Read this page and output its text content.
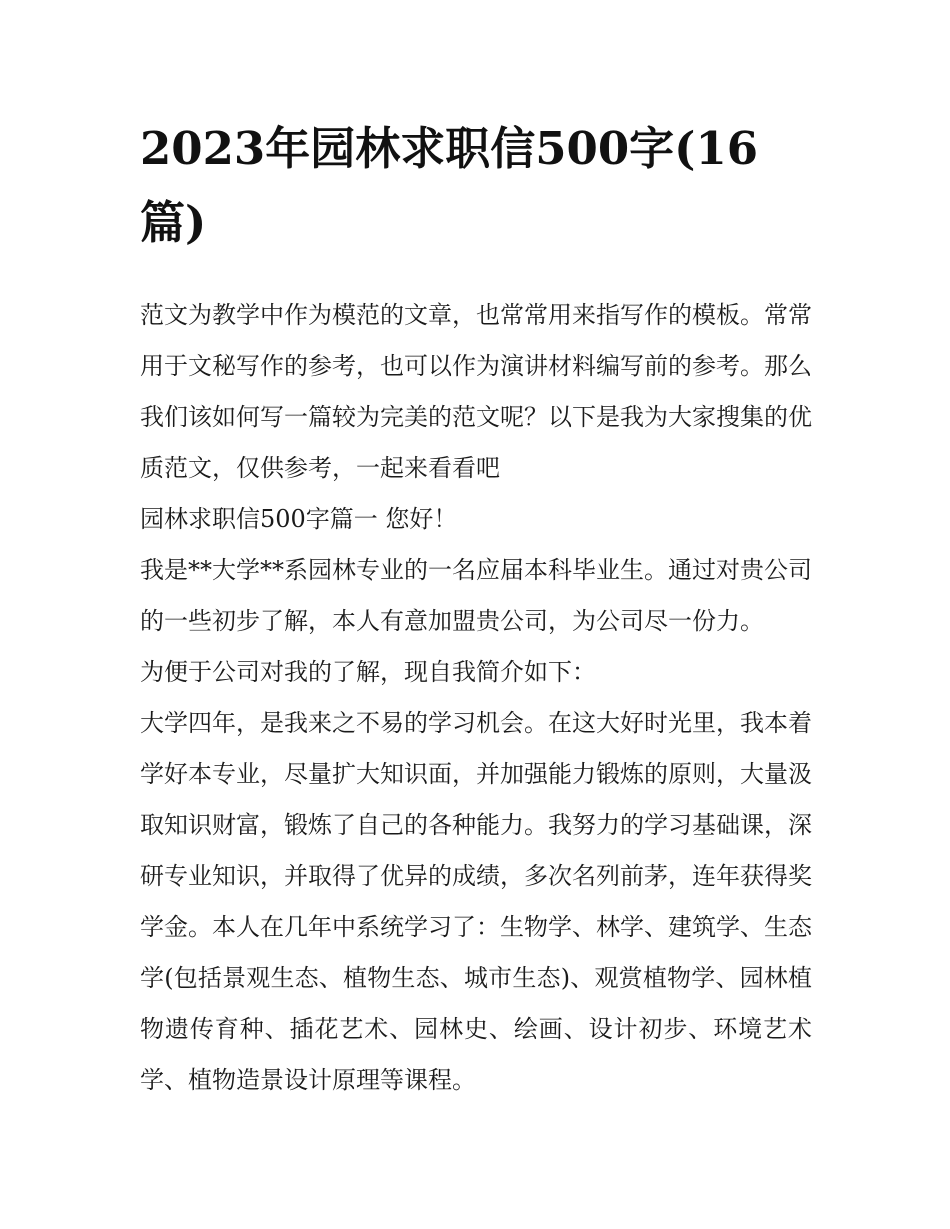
2023年园林求职信500字(16篇)

范文为教学中作为模范的文章，也常常用来指写作的模板。常常用于文秘写作的参考，也可以作为演讲材料编写前的参考。那么我们该如何写一篇较为完美的范文呢？以下是我为大家搜集的优质范文，仅供参考，一起来看看吧

园林求职信500字篇一 您好！

我是**大学**系园林专业的一名应届本科毕业生。通过对贵公司的一些初步了解，本人有意加盟贵公司，为公司尽一份力。

为便于公司对我的了解，现自我简介如下：

大学四年，是我来之不易的学习机会。在这大好时光里，我本着学好本专业，尽量扩大知识面，并加强能力锻炼的原则，大量汲取知识财富，锻炼了自己的各种能力。我努力的学习基础课，深研专业知识，并取得了优异的成绩，多次名列前茅，连年获得奖学金。本人在几年中系统学习了：生物学、林学、建筑学、生态学(包括景观生态、植物生态、城市生态)、观赏植物学、园林植物遗传育种、插花艺术、园林史、绘画、设计初步、环境艺术学、植物造景设计原理等课程。
